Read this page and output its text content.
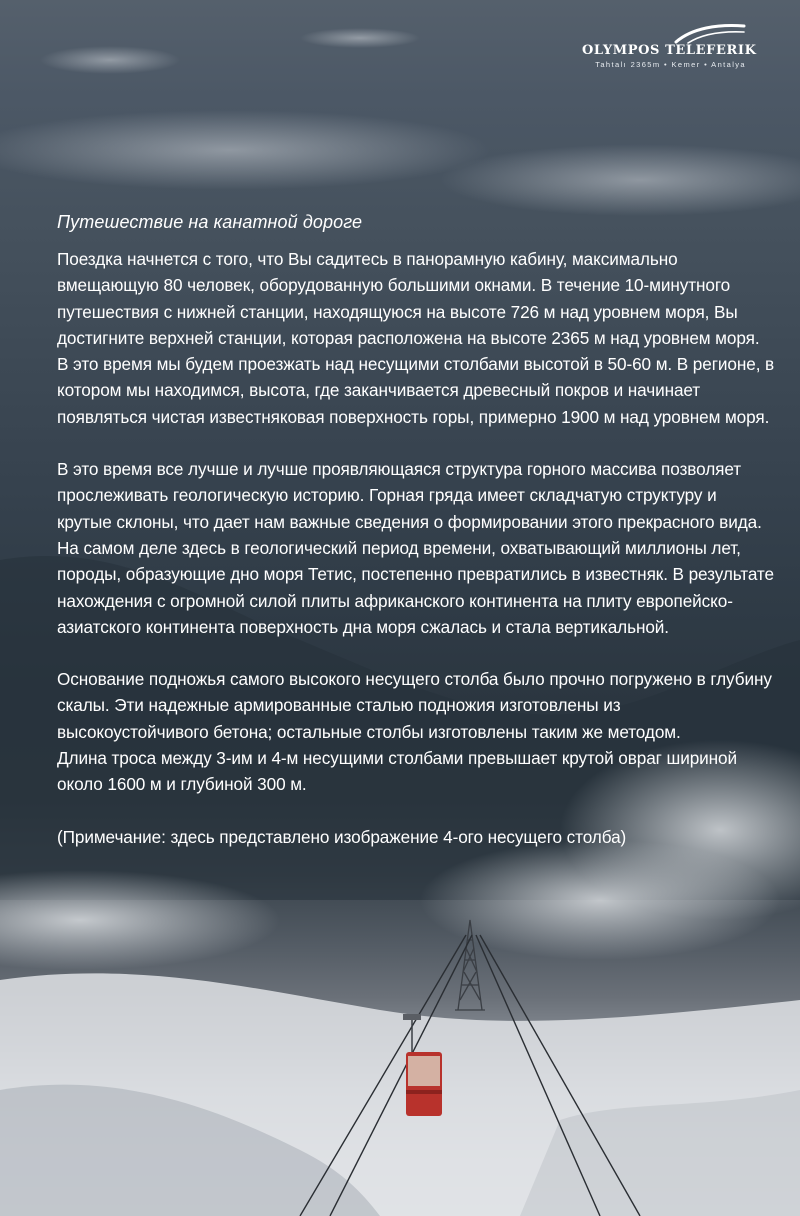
OLYMPOS TELEFERIK
Tahtalı 2365m • Kemer • Antalya
Путешествие на канатной дороге

Поездка начнется с того, что Вы садитесь в панорамную кабину, максимально вмещающую 80 человек, оборудованную большими окнами. В течение 10-минутного путешествия с нижней станции, находящуюся на высоте 726 м над уровнем моря, Вы достигните верхней станции, которая расположена на высоте 2365 м над уровнем моря. В это время мы будем проезжать над несущими столбами высотой в 50-60 м. В регионе, в котором мы находимся, высота, где заканчивается древесный покров и начинает появляться чистая известняковая поверхность горы, примерно 1900 м над уровнем моря.

В это время все лучше и лучше проявляющаяся структура горного массива позволяет прослеживать геологическую историю. Горная гряда имеет складчатую структуру и крутые склоны, что дает нам важные сведения о формировании этого прекрасного вида. На самом деле здесь в геологический период времени, охватывающий миллионы лет, породы, образующие дно моря Тетис, постепенно превратились в известняк. В результате нахождения с огромной силой плиты африканского континента на плиту европейско-азиатского континента поверхность дна моря сжалась и стала вертикальной.

Основание подножья самого высокого несущего столба было прочно погружено в глубину скалы. Эти надежные армированные сталью подножия изготовлены из высокоустойчивого бетона; остальные столбы изготовлены таким же методом.

Длина троса между 3-им и 4-м несущими столбами превышает крутой овраг шириной около 1600 м и глубиной 300 м.

(Примечание: здесь представлено изображение 4-ого несущего столба)
